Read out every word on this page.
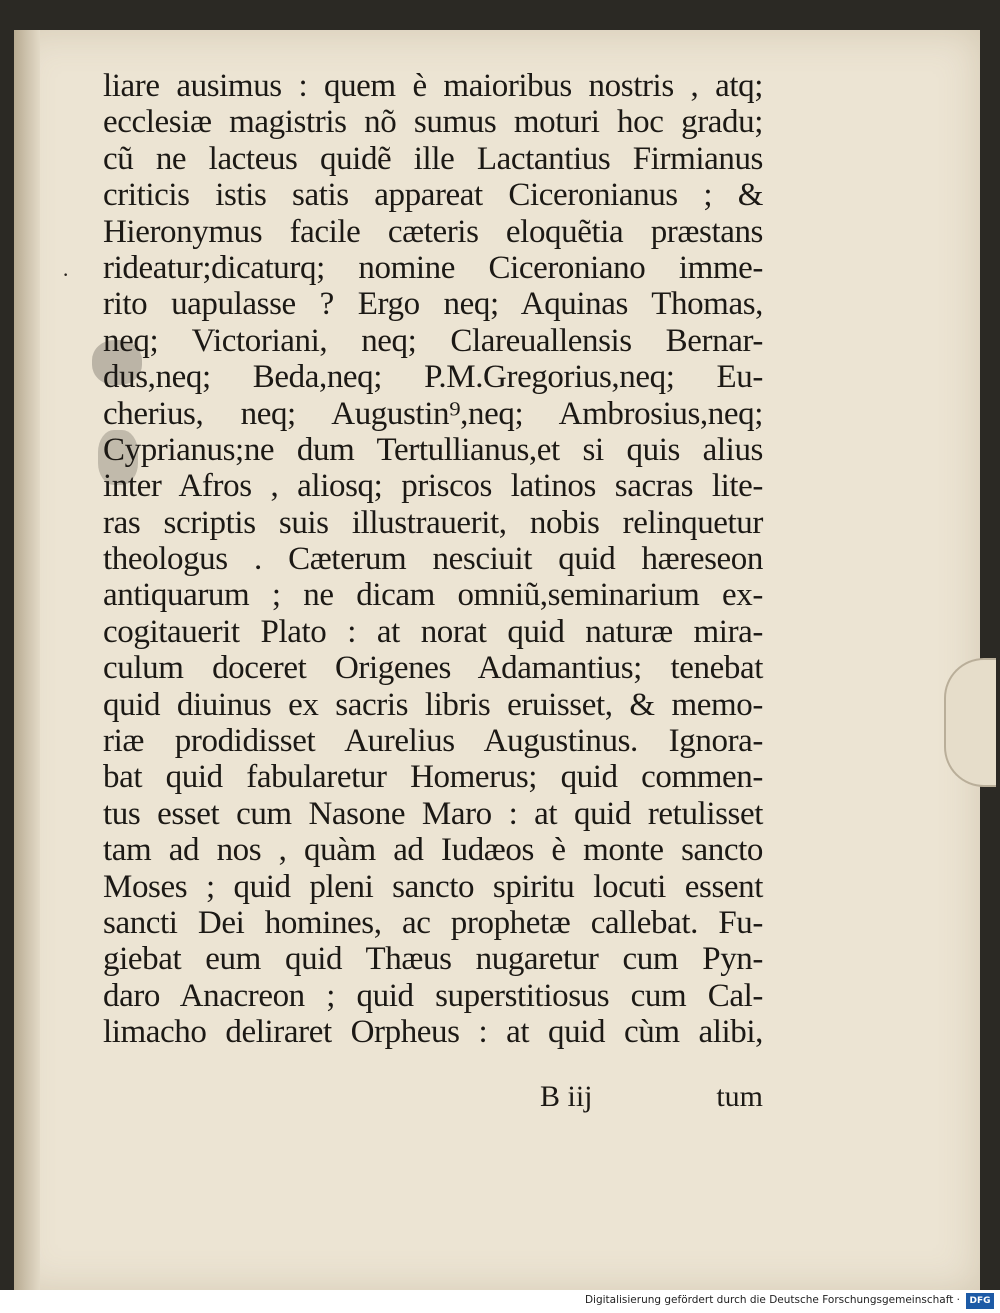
·
liare ausimus : quem è maioribus nostris , atq;
ecclesiæ magistris nõ sumus moturi hoc gradu;
cũ ne lacteus quidẽ ille Lactantius Firmianus
criticis istis satis appareat Ciceronianus ; &
Hieronymus facile cæteris eloquẽtia præstans
rideatur;dicaturq; nomine Ciceroniano imme-
rito uapulasse ? Ergo neq; Aquinas Thomas,
neq; Victoriani, neq; Clareuallensis Bernar-
dus,neq; Beda,neq; P.M.Gregorius,neq; Eu-
cherius, neq; Augustin⁹,neq; Ambrosius,neq;
Cyprianus;ne dum Tertullianus,et si quis alius
inter Afros , aliosq; priscos latinos sacras lite-
ras scriptis suis illustrauerit, nobis relinquetur
theologus . Cæterum nesciuit quid hæreseon
antiquarum ; ne dicam omniũ,seminarium ex-
cogitauerit Plato : at norat quid naturæ mira-
culum doceret Origenes Adamantius; tenebat
quid diuinus ex sacris libris eruisset, & memo-
riæ prodidisset Aurelius Augustinus. Ignora-
bat quid fabularetur Homerus; quid commen-
tus esset cum Nasone Maro : at quid retulisset
tam ad nos , quàm ad Iudæos è monte sancto
Moses ; quid pleni sancto spiritu locuti essent
sancti Dei homines, ac prophetæ callebat. Fu-
giebat eum quid Thæus nugaretur cum Pyn-
daro Anacreon ; quid superstitiosus cum Cal-
limacho deliraret Orpheus : at quid cùm alibi,
B iij	tum
Digitalisierung gefördert durch die Deutsche Forschungsgemeinschaft ·	DFG
